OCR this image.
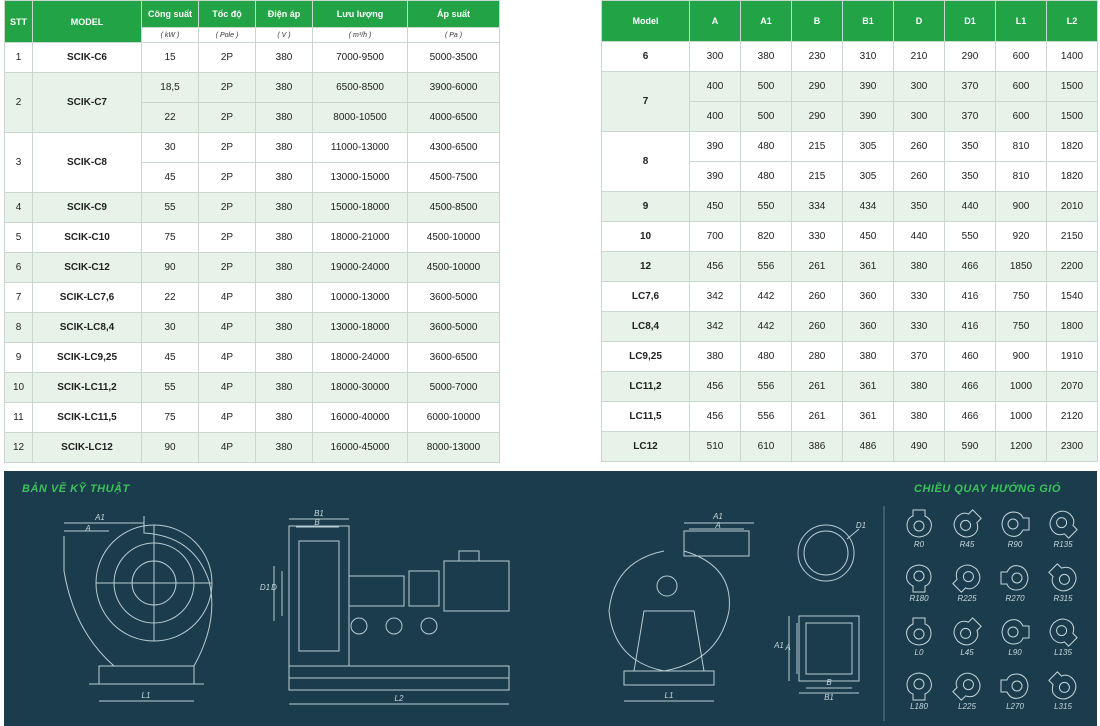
STT	MODEL	Công suất	Tốc độ	Điện áp	Lưu lượng	Áp suất
		( kW )	( Pole )	( V )	( m³/h )	( Pa )
1	SCIK-C6	15	2P	380	7000-9500	5000-3500
2	SCIK-C7	18,5	2P	380	6500-8500	3900-6000
		22	2P	380	8000-10500	4000-6500
3	SCIK-C8	30	2P	380	11000-13000	4300-6500
		45	2P	380	13000-15000	4500-7500
4	SCIK-C9	55	2P	380	15000-18000	4500-8500
5	SCIK-C10	75	2P	380	18000-21000	4500-10000
6	SCIK-C12	90	2P	380	19000-24000	4500-10000
7	SCIK-LC7,6	22	4P	380	10000-13000	3600-5000
8	SCIK-LC8,4	30	4P	380	13000-18000	3600-5000
9	SCIK-LC9,25	45	4P	380	18000-24000	3600-6500
10	SCIK-LC11,2	55	4P	380	18000-30000	5000-7000
11	SCIK-LC11,5	75	4P	380	16000-40000	6000-10000
12	SCIK-LC12	90	4P	380	16000-45000	8000-13000
Model	A	A1	B	B1	D	D1	L1	L2
6	300	380	230	310	210	290	600	1400
7	400	500	290	390	300	370	600	1500
	400	500	290	390	300	370	600	1500
8	390	480	215	305	260	350	810	1820
	390	480	215	305	260	350	810	1820
9	450	550	334	434	350	440	900	2010
10	700	820	330	450	440	550	920	2150
12	456	556	261	361	380	466	1850	2200
LC7,6	342	442	260	360	330	416	750	1540
LC8,4	342	442	260	360	330	416	750	1800
LC9,25	380	480	280	380	370	460	900	1910
LC11,2	456	556	261	361	380	466	1000	2070
LC11,5	456	556	261	361	380	466	1000	2120
LC12	510	610	386	486	490	590	1200	2300
BẢN VẼ KỸ THUẬT	CHIỀU QUAY HƯỚNG GIÓ
A1
A
L1
B1
B
D1 D
L2
A1
A
L1
D1
A1 A
B
B1
R0	R45	R90	R135
R180	R225	R270	R315
L0	L45	L90	L135
L180	L225	L270	L315
